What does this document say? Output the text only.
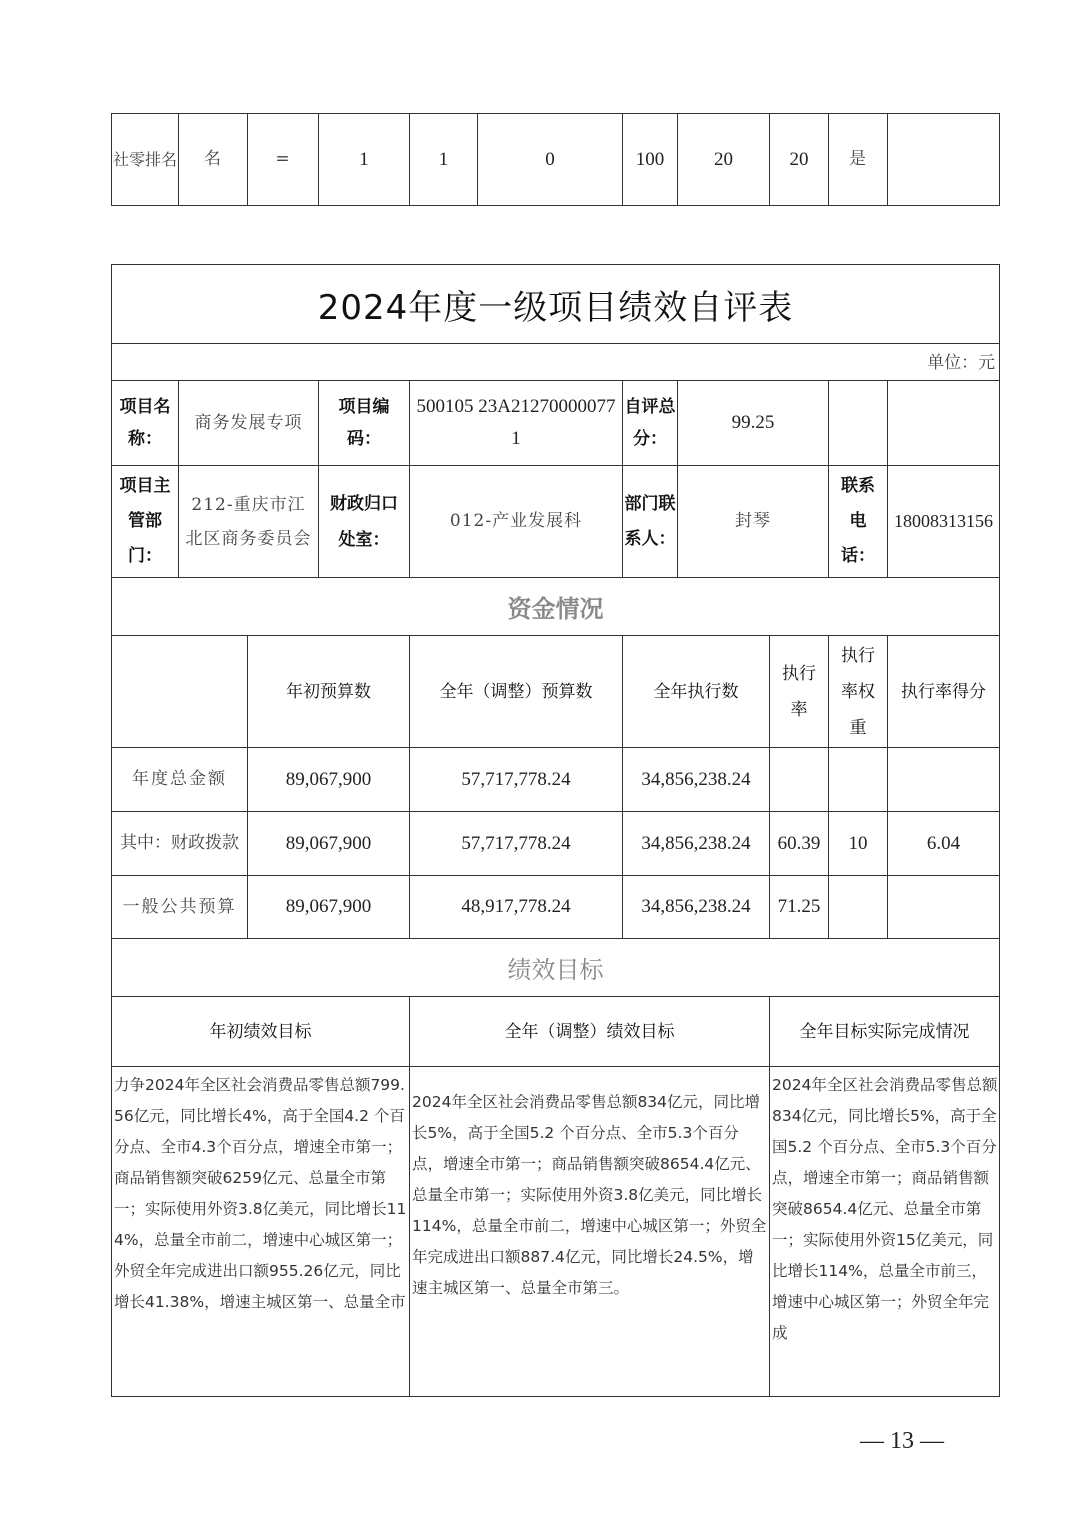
社零排名	名	=	1	1	0	100	20	20	是	
2024年度一级项目绩效自评表									
单位：元									
项目名称：	商务发展专项		项目编码：	500105 23A212700000771	自评总分：	99.25			
项目主管部门：	212-重庆市江北区商务委员会		财政归口处室：	012-产业发展科	部门联系人：	封琴		联系电话：	18008313156
资金情况									
		年初预算数		全年（调整）预算数	全年执行数		执行率	执行率权重	执行率得分
年度总金额		89,067,900		57,717,778.24	34,856,238.24				
其中：财政拨款		89,067,900		57,717,778.24	34,856,238.24		60.39	10	6.04
一般公共预算		89,067,900		48,917,778.24	34,856,238.24		71.25		
绩效目标									
年初绩效目标				全年（调整）绩效目标			全年目标实际完成情况		
力争2024年全区社会消费品零售总额799.56亿元，同比增长4%，高于全国4.2 个百分点、全市4.3个百分点，增速全市第一；商品销售额突破6259亿元、总量全市第一；实际使用外资3.8亿美元，同比增长114%，总量全市前二，增速中心城区第一；外贸全年完成进出口额955.26亿元，同比增长41.38%，增速主城区第一、总量全市				2024年全区社会消费品零售总额834亿元，同比增长5%，高于全国5.2 个百分点、全市5.3个百分点，增速全市第一；商品销售额突破8654.4亿元、总量全市第一；实际使用外资3.8亿美元，同比增长114%，总量全市前二，增速中心城区第一；外贸全年完成进出口额887.4亿元，同比增长24.5%，增速主城区第一、总量全市第三。			2024年全区社会消费品零售总额834亿元，同比增长5%，高于全国5.2 个百分点、全市5.3个百分点，增速全市第一；商品销售额突破8654.4亿元、总量全市第一；实际使用外资15亿美元，同比增长114%，总量全市前三，增速中心城区第一；外贸全年完成		
— 13 —
